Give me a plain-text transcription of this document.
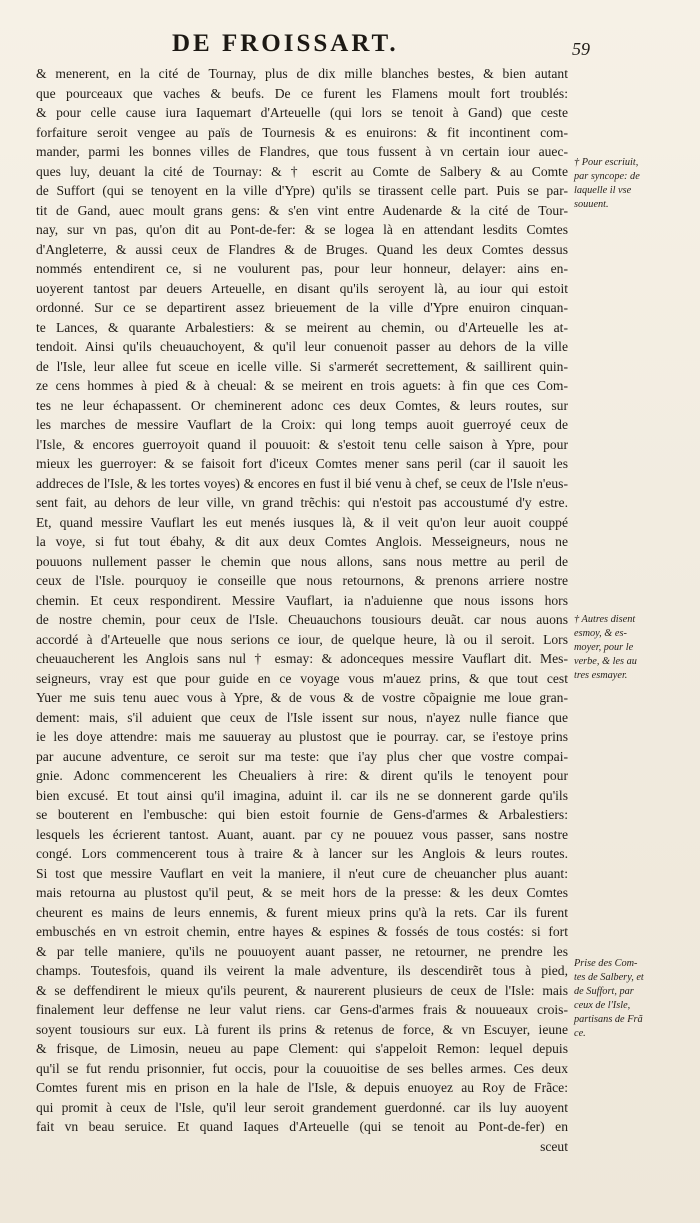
DE FROISSART.	59
& menerent, en la cité de Tournay, plus de dix mille blanches bestes, & bien autant
que pourceaux que vaches & beufs. De ce furent les Flamens moult fort troublés:
& pour celle cause iura Iaquemart d'Arteuelle (qui lors se tenoit à Gand) que ceste
forfaiture seroit vengee au païs de Tournesis & es enuirons: & fit incontinent com-
mander, parmi les bonnes villes de Flandres, que tous fussent à vn certain iour auec-
ques luy, deuant la cité de Tournay: & † escrit au Comte de Salbery & au Comte
de Suffort (qui se tenoyent en la ville d'Ypre) qu'ils se tirassent celle part. Puis se par-
tit de Gand, auec moult grans gens: & s'en vint entre Audenarde & la cité de Tour-
nay, sur vn pas, qu'on dit au Pont-de-fer: & se logea là en attendant lesdits Comtes
d'Angleterre, & aussi ceux de Flandres & de Bruges. Quand les deux Comtes dessus
nommés entendirent ce, si ne voulurent pas, pour leur honneur, delayer: ains en-
uoyerent tantost par deuers Arteuelle, en disant qu'ils seroyent là, au iour qui estoit
ordonné. Sur ce se departirent assez brieuement de la ville d'Ypre enuiron cinquan-
te Lances, & quarante Arbalestiers: & se meirent au chemin, ou d'Arteuelle les at-
tendoit. Ainsi qu'ils cheuauchoyent, & qu'il leur conuenoit passer au dehors de la ville
de l'Isle, leur allee fut sceue en icelle ville. Si s'armerét secrettement, & saillirent quin-
ze cens hommes à pied & à cheual: & se meirent en trois aguets: à fin que ces Com-
tes ne leur échapassent. Or cheminerent adonc ces deux Comtes, & leurs routes, sur
les marches de messire Vauflart de la Croix: qui long temps auoit guerroyé ceux de
l'Isle, & encores guerroyoit quand il pouuoit: & s'estoit tenu celle saison à Ypre, pour
mieux les guerroyer: & se faisoit fort d'iceux Comtes mener sans peril (car il sauoit les
addreces de l'Isle, & les tortes voyes) & encores en fust il bié venu à chef, se ceux de l'Isle n'eus-
sent fait, au dehors de leur ville, vn grand trẽchis: qui n'estoit pas accoustumé d'y estre.
Et, quand messire Vauflart les eut menés iusques là, & il veit qu'on leur auoit couppé
la voye, si fut tout ébahy, & dit aux deux Comtes Anglois. Messeigneurs, nous ne
pouuons nullement passer le chemin que nous allons, sans nous mettre au peril de
ceux de l'Isle. pourquoy ie conseille que nous retournons, & prenons arriere nostre
chemin. Et ceux respondirent. Messire Vauflart, ia n'aduienne que nous issons hors
de nostre chemin, pour ceux de l'Isle. Cheuauchons tousiours deuãt. car nous auons
accordé à d'Arteuelle que nous serions ce iour, de quelque heure, là ou il seroit. Lors
cheuaucherent les Anglois sans nul † esmay: & adonceques messire Vauflart dit. Mes-
seigneurs, vray est que pour guide en ce voyage vous m'auez prins, & que tout cest
Yuer me suis tenu auec vous à Ypre, & de vous & de vostre cõpaignie me loue gran-
dement: mais, s'il aduient que ceux de l'Isle issent sur nous, n'ayez nulle fiance que
ie les doye attendre: mais me sauueray au plustost que ie pourray. car, se i'estoye prins
par aucune adventure, ce seroit sur ma teste: que i'ay plus cher que vostre compai-
gnie. Adonc commencerent les Cheualiers à rire: & dirent qu'ils le tenoyent pour
bien excusé. Et tout ainsi qu'il imagina, aduint il. car ils ne se donnerent garde qu'ils
se bouterent en l'embusche: qui bien estoit fournie de Gens-d'armes & Arbalestiers:
lesquels les écrierent tantost. Auant, auant. par cy ne pouuez vous passer, sans nostre
congé. Lors commencerent tous à traire & à lancer sur les Anglois & leurs routes.
Si tost que messire Vauflart en veit la maniere, il n'eut cure de cheuancher plus auant:
mais retourna au plustost qu'il peut, & se meit hors de la presse: & les deux Comtes
cheurent es mains de leurs ennemis, & furent mieux prins qu'à la rets. Car ils furent
embuschés en vn estroit chemin, entre hayes & espines & fossés de tous costés: si fort
& par telle maniere, qu'ils ne pouuoyent auant passer, ne retourner, ne prendre les
champs. Toutesfois, quand ils veirent la male adventure, ils descendirẽt tous à pied,
& se deffendirent le mieux qu'ils peurent, & naurerent plusieurs de ceux de l'Isle: mais
finalement leur deffense ne leur valut riens. car Gens-d'armes frais & nouueaux crois-
soyent tousiours sur eux. Là furent ils prins & retenus de force, & vn Escuyer, ieune
& frisque, de Limosin, neueu au pape Clement: qui s'appeloit Remon: lequel depuis
qu'il se fut rendu prisonnier, fut occis, pour la couuoitise de ses belles armes. Ces deux
Comtes furent mis en prison en la hale de l'Isle, & depuis enuoyez au Roy de Frãce:
qui promit à ceux de l'Isle, qu'il leur seroit grandement guerdonné. car ils luy auoyent
fait vn beau seruice. Et quand Iaques d'Arteuelle (qui se tenoit au Pont-de-fer) en
sceut
† Pour escriuit,
par syncope: de
laquelle il vse
souuent.
† Autres disent
esmoy, & es-
moyer, pour le
verbe, & les au
tres esmayer.
Prise des Com-
tes de Salbery, et
de Suffort, par
ceux de l'Isle,
partisans de Frã
ce.
